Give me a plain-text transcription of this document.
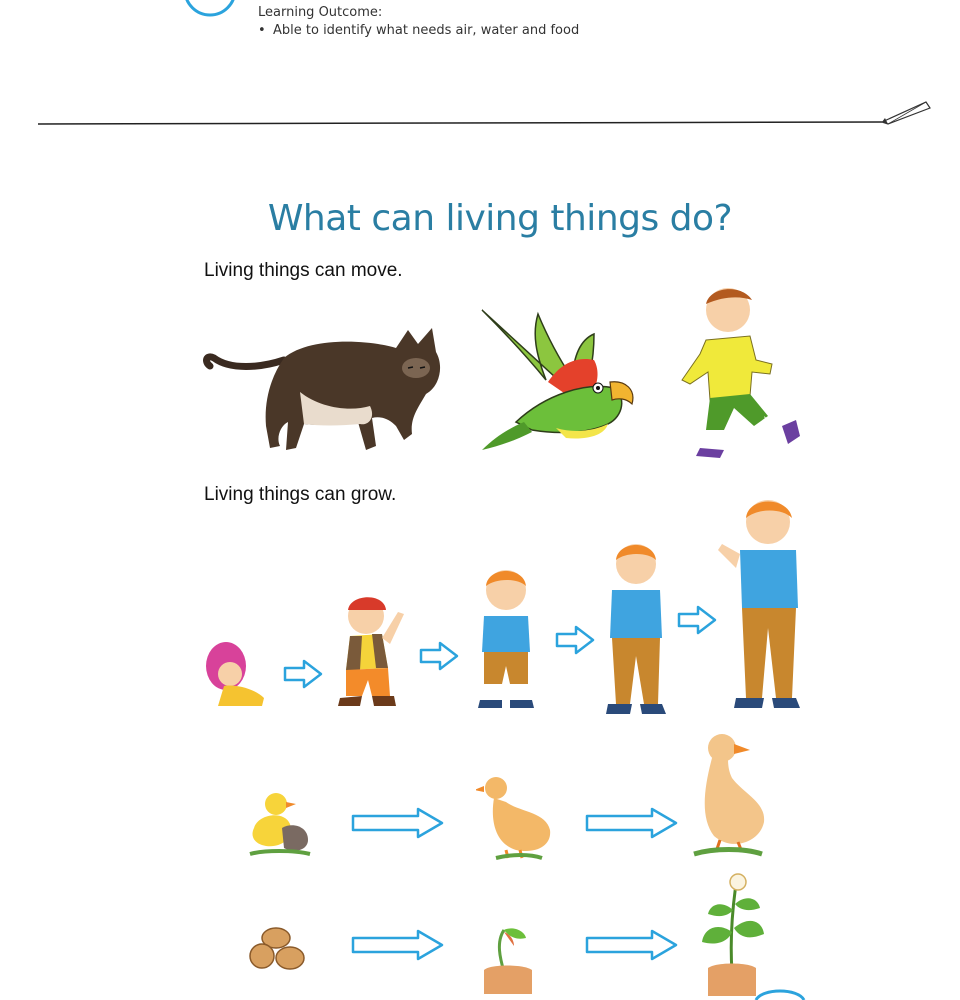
Learning Outcome:
• Able to identify what needs air, water and food
What can living things do?
Living things can move.
Living things can grow.
